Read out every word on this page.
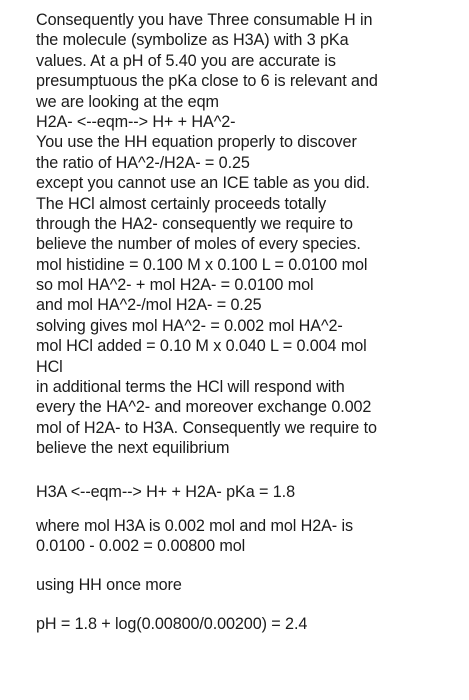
Consequently you have Three consumable H in
the molecule (symbolize as H3A) with 3 pKa
values. At a pH of 5.40 you are accurate is
presumptuous the pKa close to 6 is relevant and
we are looking at the eqm
H2A- <--eqm--> H+ + HA^2-
You use the HH equation properly to discover
the ratio of HA^2-/H2A- = 0.25
except you cannot use an ICE table as you did.
The HCl almost certainly proceeds totally
through the HA2- consequently we require to
believe the number of moles of every species.
mol histidine = 0.100 M x 0.100 L = 0.0100 mol
so mol HA^2- + mol H2A- = 0.0100 mol
and mol HA^2-/mol H2A- = 0.25
solving gives mol HA^2- = 0.002 mol HA^2-
mol HCl added = 0.10 M x 0.040 L = 0.004 mol
HCl
in additional terms the HCl will respond with
every the HA^2- and moreover exchange 0.002
mol of H2A- to H3A. Consequently we require to
believe the next equilibrium
H3A <--eqm--> H+ + H2A- pKa = 1.8
where mol H3A is 0.002 mol and mol H2A- is
0.0100 - 0.002 = 0.00800 mol
using HH once more
pH = 1.8 + log(0.00800/0.00200) = 2.4
